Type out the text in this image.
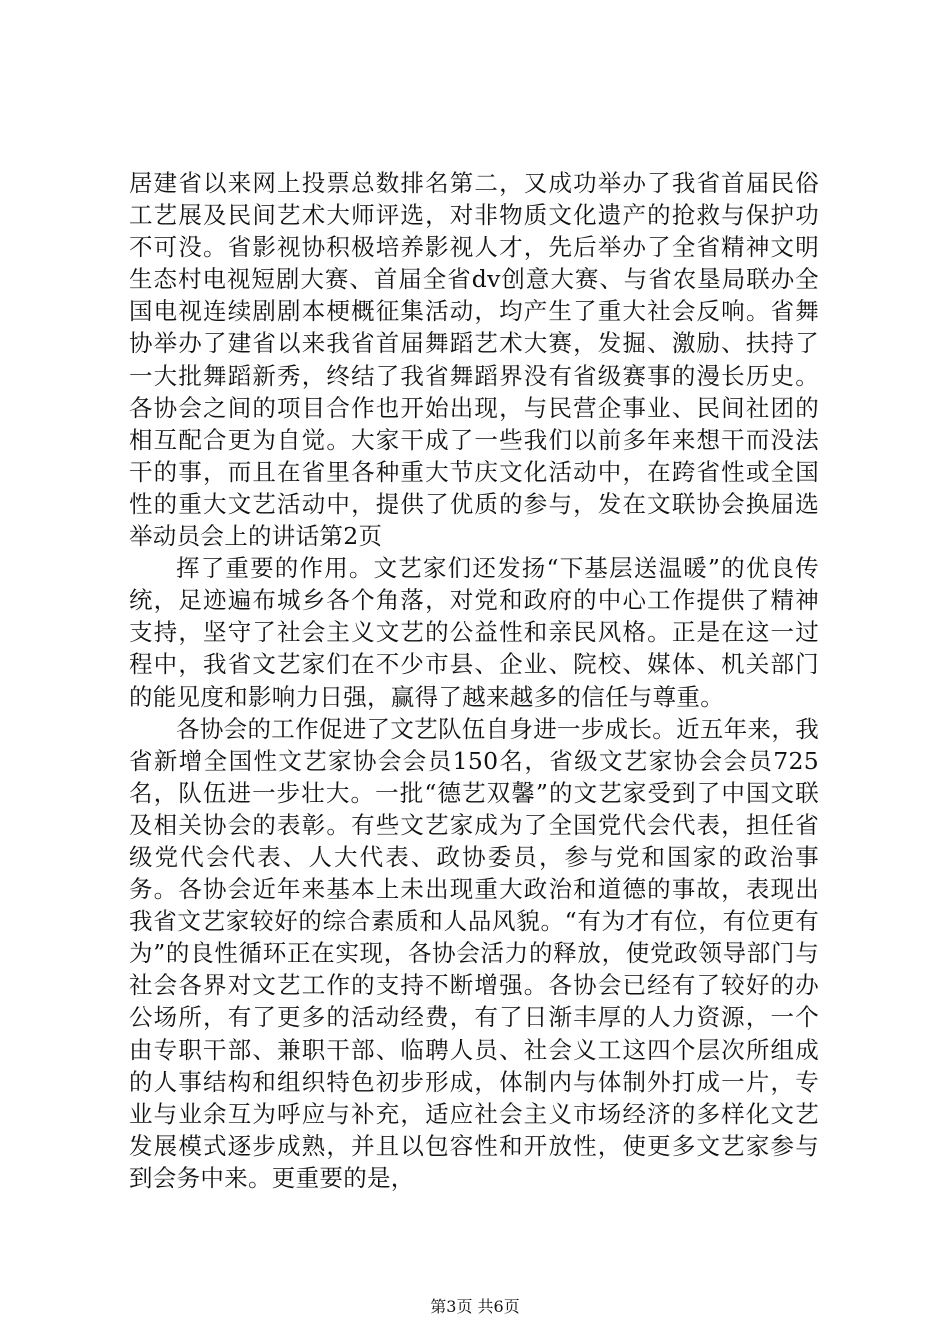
居建省以来网上投票总数排名第二，又成功举办了我省首届民俗工艺展及民间艺术大师评选，对非物质文化遗产的抢救与保护功不可没。省影视协积极培养影视人才，先后举办了全省精神文明生态村电视短剧大赛、首届全省dv创意大赛、与省农垦局联办全国电视连续剧剧本梗概征集活动，均产生了重大社会反响。省舞协举办了建省以来我省首届舞蹈艺术大赛，发掘、激励、扶持了一大批舞蹈新秀，终结了我省舞蹈界没有省级赛事的漫长历史。各协会之间的项目合作也开始出现，与民营企事业、民间社团的相互配合更为自觉。大家干成了一些我们以前多年来想干而没法干的事，而且在省里各种重大节庆文化活动中，在跨省性或全国性的重大文艺活动中，提供了优质的参与，发在文联协会换届选举动员会上的讲话第2页

挥了重要的作用。文艺家们还发扬“下基层送温暖”的优良传统，足迹遍布城乡各个角落，对党和政府的中心工作提供了精神支持，坚守了社会主义文艺的公益性和亲民风格。正是在这一过程中，我省文艺家们在不少市县、企业、院校、媒体、机关部门的能见度和影响力日强，赢得了越来越多的信任与尊重。

各协会的工作促进了文艺队伍自身进一步成长。近五年来，我省新增全国性文艺家协会会员150名，省级文艺家协会会员725名，队伍进一步壮大。一批“德艺双馨”的文艺家受到了中国文联及相关协会的表彰。有些文艺家成为了全国党代会代表，担任省级党代会代表、人大代表、政协委员，参与党和国家的政治事务。各协会近年来基本上未出现重大政治和道德的事故，表现出我省文艺家较好的综合素质和人品风貌。“有为才有位，有位更有为”的良性循环正在实现，各协会活力的释放，使党政领导部门与社会各界对文艺工作的支持不断增强。各协会已经有了较好的办公场所，有了更多的活动经费，有了日渐丰厚的人力资源，一个由专职干部、兼职干部、临聘人员、社会义工这四个层次所组成的人事结构和组织特色初步形成，体制内与体制外打成一片，专业与业余互为呼应与补充，适应社会主义市场经济的多样化文艺发展模式逐步成熟，并且以包容性和开放性，使更多文艺家参与到会务中来。更重要的是，

第3页 共6页
